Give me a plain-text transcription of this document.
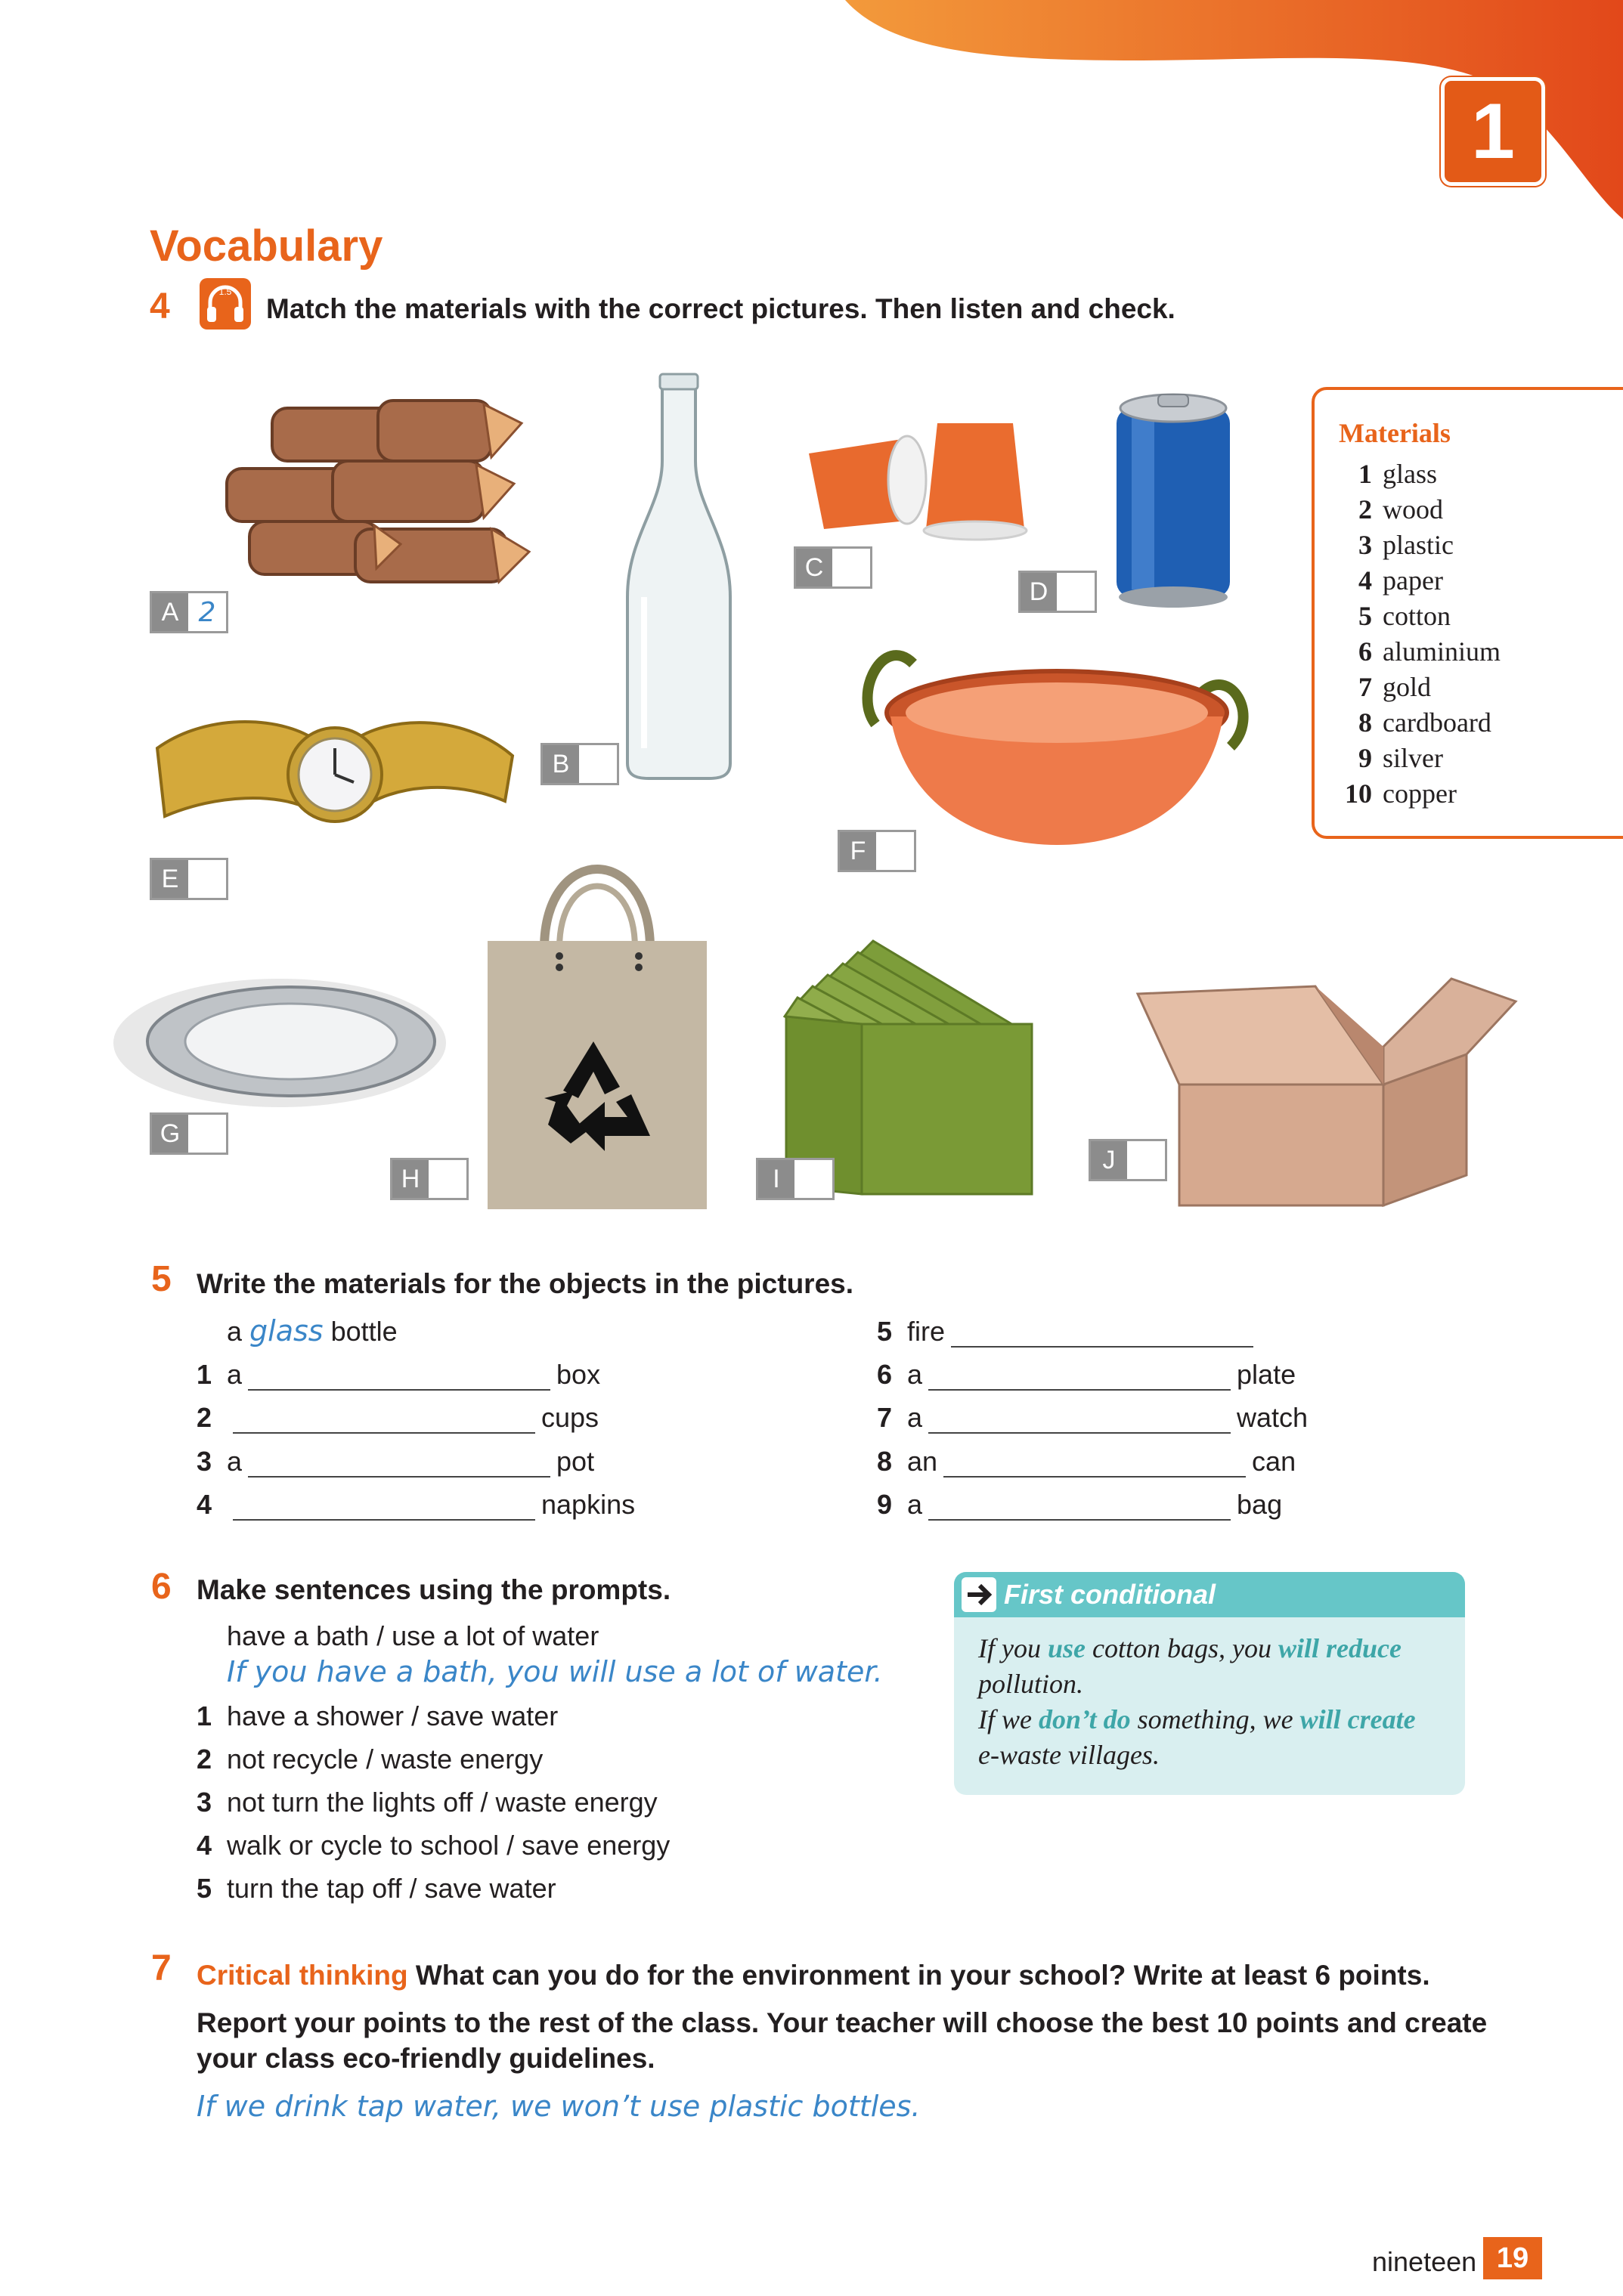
1
Vocabulary
4	1.5
Match the materials with the correct pictures. Then listen and check.
A 2
B
C
D
E
F
G
H	I
J
Materials
1 glass
2 wood
3 plastic
4 paper
5 cotton
6 aluminium
7 gold
8 cardboard
9 silver
10 copper
5 Write the materials for the objects in the pictures.
a
glass
bottle
1 a	box
2	cups
3 a	pot
4	napkins
5 fire
6 a	plate
7 a	watch
8 an	can
9 a	bag
6 Make sentences using the prompts.
have a bath / use a lot of water
If you have a bath, you will use a lot of water.
1 have a shower / save water
2 not recycle / waste energy
3 not turn the lights off / waste energy
4 walk or cycle to school / save energy
5 turn the tap off / save water
First conditional
If you use cotton bags, you will reduce
pollution.
If we don’t do something, we will create
e-waste villages.
7 Critical thinking What can you do for the environment in your school? Write at least 6 points.
Report your points to the rest of the class. Your teacher will choose the best 10 points and create
your class eco-friendly guidelines.
If we drink tap water, we won’t use plastic bottles.
nineteen 19
